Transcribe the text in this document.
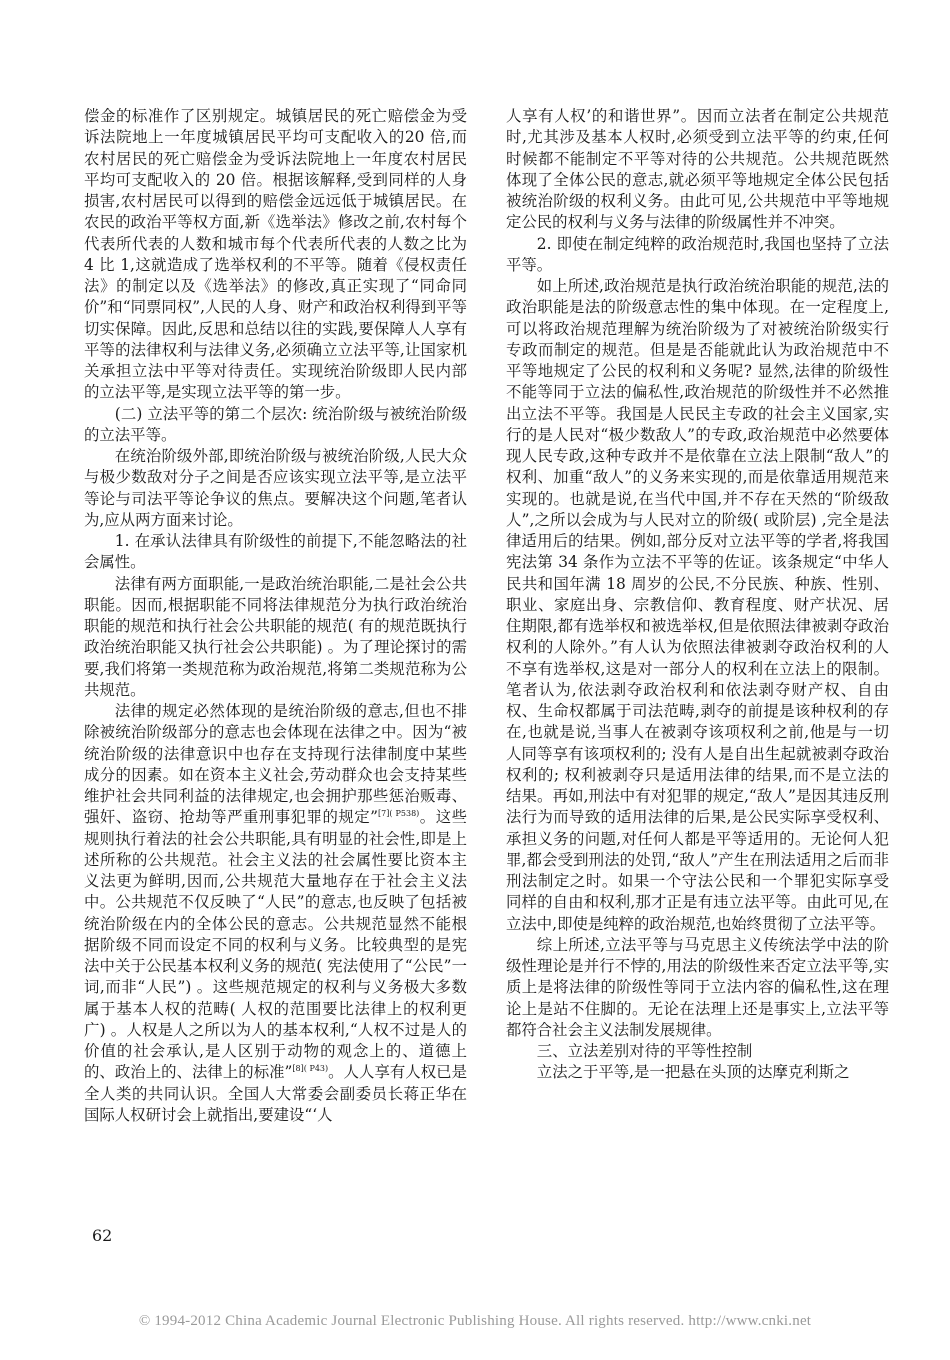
偿金的标准作了区别规定。城镇居民的死亡赔偿金为受诉法院地上一年度城镇居民平均可支配收入的20 倍,而农村居民的死亡赔偿金为受诉法院地上一年度农村居民平均可支配收入的 20 倍。根据该解释,受到同样的人身损害,农村居民可以得到的赔偿金远远低于城镇居民。在农民的政治平等权方面,新《选举法》修改之前,农村每个代表所代表的人数和城市每个代表所代表的人数之比为 4 比 1,这就造成了选举权利的不平等。随着《侵权责任法》的制定以及《选举法》的修改,真正实现了“同命同价”和“同票同权”,人民的人身、财产和政治权利得到平等切实保障。因此,反思和总结以往的实践,要保障人人享有平等的法律权利与法律义务,必须确立立法平等,让国家机关承担立法中平等对待责任。实现统治阶级即人民内部的立法平等,是实现立法平等的第一步。

(二) 立法平等的第二个层次: 统治阶级与被统治阶级的立法平等。

在统治阶级外部,即统治阶级与被统治阶级,人民大众与极少数敌对分子之间是否应该实现立法平等,是立法平等论与司法平等论争议的焦点。要解决这个问题,笔者认为,应从两方面来讨论。

1. 在承认法律具有阶级性的前提下,不能忽略法的社会属性。

法律有两方面职能,一是政治统治职能,二是社会公共职能。因而,根据职能不同将法律规范分为执行政治统治职能的规范和执行社会公共职能的规范( 有的规范既执行政治统治职能又执行社会公共职能) 。为了理论探讨的需要,我们将第一类规范称为政治规范,将第二类规范称为公共规范。

法律的规定必然体现的是统治阶级的意志,但也不排除被统治阶级部分的意志也会体现在法律之中。因为“被统治阶级的法律意识中也存在支持现行法律制度中某些成分的因素。如在资本主义社会,劳动群众也会支持某些维护社会共同利益的法律规定,也会拥护那些惩治贩毒、强奸、盗窃、抢劫等严重刑事犯罪的规定”$^{[7]( P538)}$。这些规则执行着法的社会公共职能,具有明显的社会性,即是上述所称的公共规范。社会主义法的社会属性要比资本主义法更为鲜明,因而,公共规范大量地存在于社会主义法中。公共规范不仅反映了“人民”的意志,也反映了包括被统治阶级在内的全体公民的意志。公共规范显然不能根据阶级不同而设定不同的权利与义务。比较典型的是宪法中关于公民基本权利义务的规范( 宪法使用了“公民”一词,而非“人民”) 。这些规范规定的权利与义务极大多数属于基本人权的范畴( 人权的范围要比法律上的权利更广) 。人权是人之所以为人的基本权利,“人权不过是人的价值的社会承认,是人区别于动物的观念上的、道德上的、政治上的、法律上的标准”$^{[8]( P43)}$。人人享有人权已是全人类的共同认识。全国人大常委会副委员长蒋正华在国际人权研讨会上就指出,要建设“‘人

人享有人权’的和谐世界”。因而立法者在制定公共规范时,尤其涉及基本人权时,必须受到立法平等的约束,任何时候都不能制定不平等对待的公共规范。公共规范既然体现了全体公民的意志,就必须平等地规定全体公民包括被统治阶级的权利义务。由此可见,公共规范中平等地规定公民的权利与义务与法律的阶级属性并不冲突。

2. 即使在制定纯粹的政治规范时,我国也坚持了立法平等。

如上所述,政治规范是执行政治统治职能的规范,法的政治职能是法的阶级意志性的集中体现。在一定程度上,可以将政治规范理解为统治阶级为了对被统治阶级实行专政而制定的规范。但是是否能就此认为政治规范中不平等地规定了公民的权利和义务呢? 显然,法律的阶级性不能等同于立法的偏私性,政治规范的阶级性并不必然推出立法不平等。我国是人民民主专政的社会主义国家,实行的是人民对“极少数敌人”的专政,政治规范中必然要体现人民专政,这种专政并不是依靠在立法上限制“敌人”的权利、加重“敌人”的义务来实现的,而是依靠适用规范来实现的。也就是说,在当代中国,并不存在天然的“阶级敌人”,之所以会成为与人民对立的阶级( 或阶层) ,完全是法律适用后的结果。例如,部分反对立法平等的学者,将我国宪法第 34 条作为立法不平等的佐证。该条规定“中华人民共和国年满 18 周岁的公民,不分民族、种族、性别、职业、家庭出身、宗教信仰、教育程度、财产状况、居住期限,都有选举权和被选举权,但是依照法律被剥夺政治权利的人除外。”有人认为依照法律被剥夺政治权利的人不享有选举权,这是对一部分人的权利在立法上的限制。笔者认为,依法剥夺政治权利和依法剥夺财产权、自由权、生命权都属于司法范畴,剥夺的前提是该种权利的存在,也就是说,当事人在被剥夺该项权利之前,他是与一切人同等享有该项权利的; 没有人是自出生起就被剥夺政治权利的; 权利被剥夺只是适用法律的结果,而不是立法的结果。再如,刑法中有对犯罪的规定,“敌人”是因其违反刑法行为而导致的适用法律的后果,是公民实际享受权利、承担义务的问题,对任何人都是平等适用的。无论何人犯罪,都会受到刑法的处罚,“敌人”产生在刑法适用之后而非刑法制定之时。如果一个守法公民和一个罪犯实际享受同样的自由和权利,那才正是有违立法平等。由此可见,在立法中,即使是纯粹的政治规范,也始终贯彻了立法平等。

综上所述,立法平等与马克思主义传统法学中法的阶级性理论是并行不悖的,用法的阶级性来否定立法平等,实质上是将法律的阶级性等同于立法内容的偏私性,这在理论上是站不住脚的。无论在法理上还是事实上,立法平等都符合社会主义法制发展规律。

三、立法差别对待的平等性控制

立法之于平等,是一把悬在头顶的达摩克利斯之

62
© 1994-2012 China Academic Journal Electronic Publishing House. All rights reserved. http://www.cnki.net
